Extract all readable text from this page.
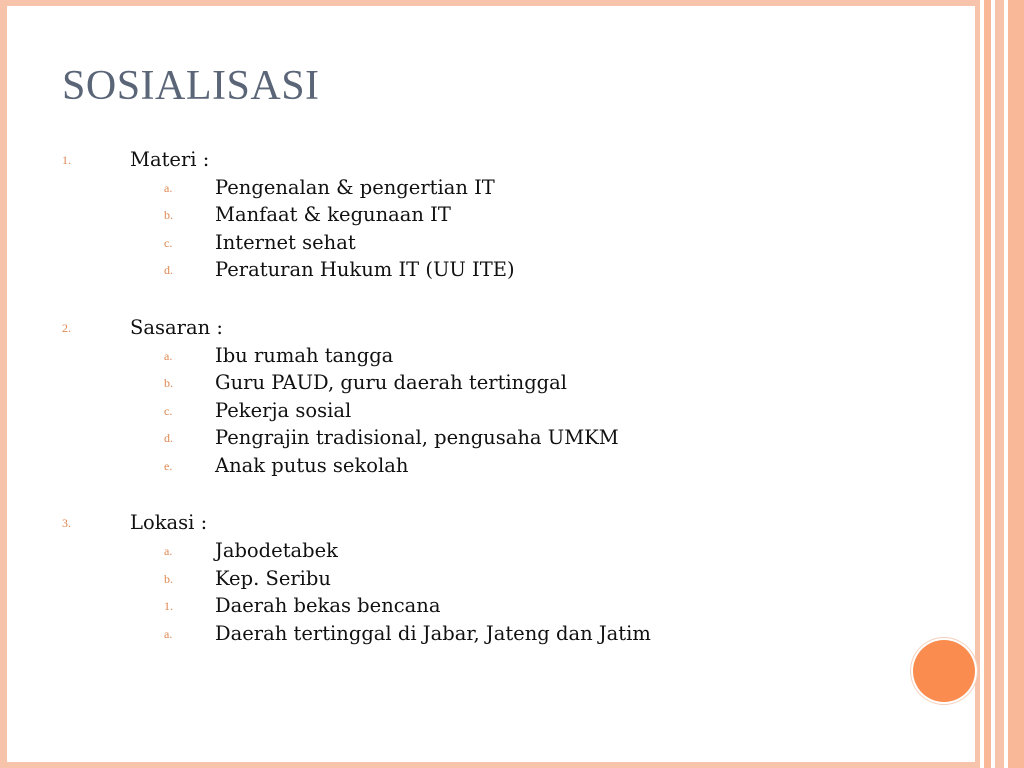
SOSIALISASI
1.	Materi :
a. Pengenalan & pengertian IT
b. Manfaat & kegunaan IT
c. Internet sehat
d. Peraturan Hukum IT (UU ITE)
2.	Sasaran :
a. Ibu rumah tangga
b. Guru PAUD, guru daerah tertinggal
c. Pekerja sosial
d. Pengrajin tradisional, pengusaha UMKM
e. Anak putus sekolah
3.	Lokasi :
a. Jabodetabek
b. Kep. Seribu
1. Daerah bekas bencana
a. Daerah tertinggal di Jabar, Jateng dan Jatim
